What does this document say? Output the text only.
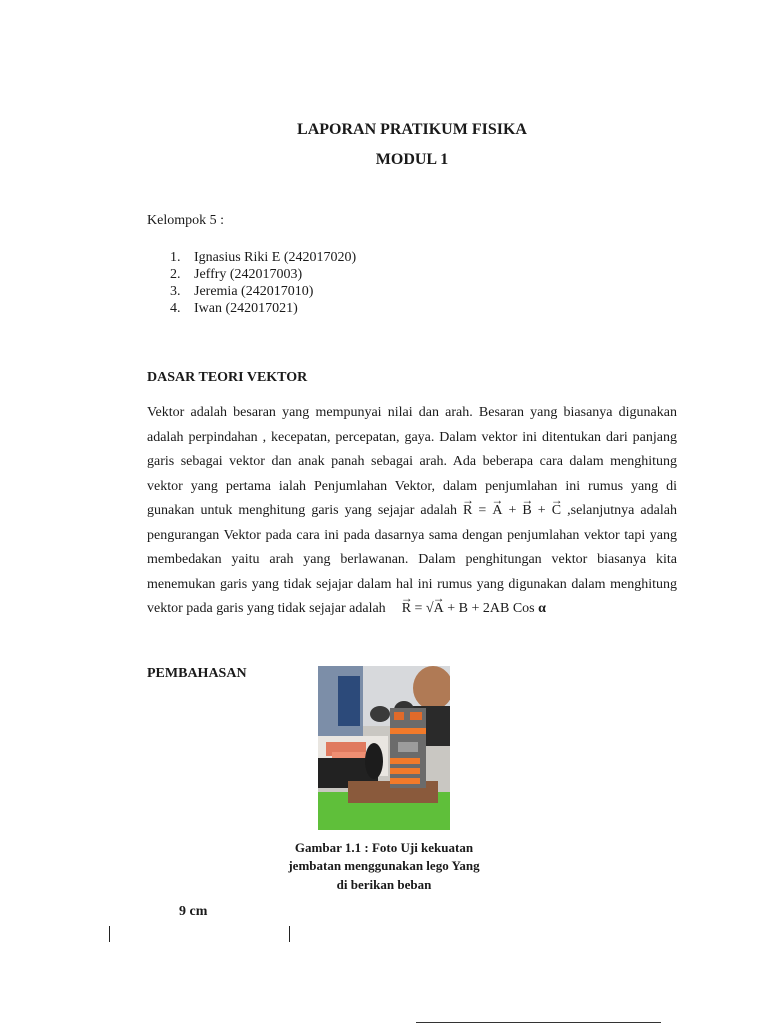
LAPORAN PRATIKUM FISIKA
MODUL 1
Kelompok 5 :
1. Ignasius Riki E (242017020)
2. Jeffry (242017003)
3. Jeremia (242017010)
4. Iwan (242017021)
DASAR TEORI VEKTOR
Vektor adalah besaran yang mempunyai nilai dan arah. Besaran yang biasanya digunakan adalah perpindahan , kecepatan, percepatan, gaya. Dalam vektor ini ditentukan dari panjang garis sebagai vektor dan anak panah sebagai arah. Ada beberapa cara dalam menghitung vektor yang pertama ialah Penjumlahan Vektor, dalam penjumlahan ini rumus yang di gunakan untuk menghitung garis yang sejajar adalah → R = → A + → B + → C ,selanjutnya adalah pengurangan Vektor pada cara ini pada dasarnya sama dengan penjumlahan vektor tapi yang membedakan yaitu arah yang berlawanan. Dalam penghitungan vektor biasanya kita menemukan garis yang tidak sejajar dalam hal ini rumus yang digunakan dalam menghitung vektor pada garis yang tidak sejajar adalah→ R = √→ A + B + 2AB Cos α
PEMBAHASAN
Gambar 1.1 : Foto Uji kekuatan
jembatan menggunakan lego Yang
di berikan beban
9 cm
